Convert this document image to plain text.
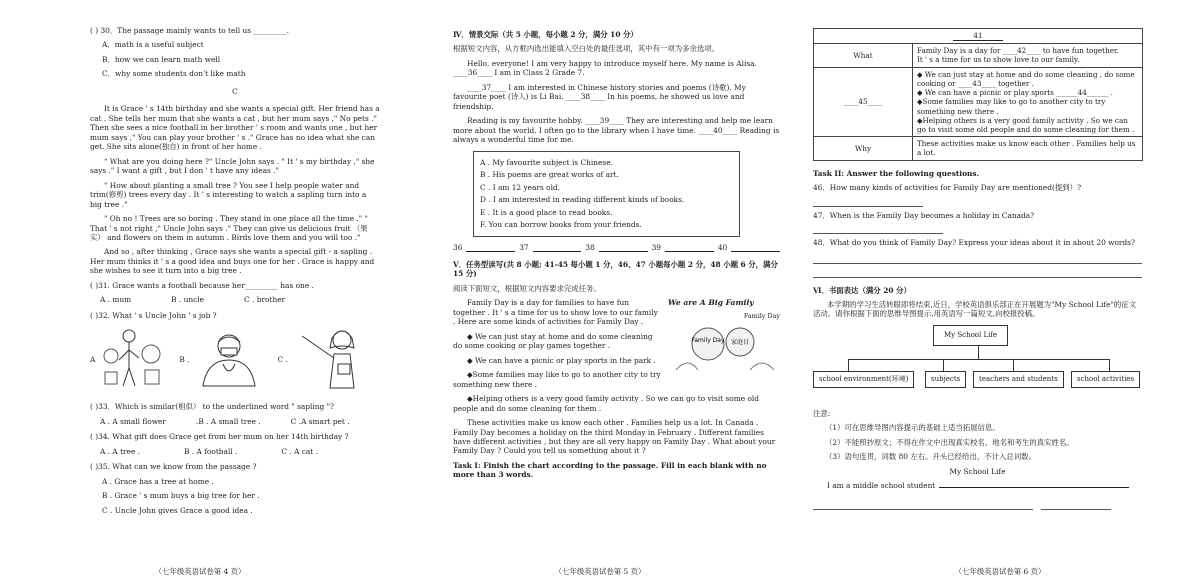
( ) 30．The passage mainly wants to tell us _________.

A．math is a useful subject

B．how we can learn math well

C．why some students don't like math

C

It is Grace ' s 14th birthday and she wants a special gift. Her friend has a cat . She tells her mum that she wants a cat , but her mum says ," No pets ." Then she sees a nice football in her brother ' s room and wants one , but her mum says ," You can play your brother ' s ." Grace has no idea what she can get. She sits alone(独自) in front of her home .

" What are you doing here ?" Uncle John says . " It ' s my birthday ," she says ." I want a gift , but I don ' t have any ideas ."

" How about planting a small tree ? You see I help people water and trim(修剪) trees every day . It ' s interesting to watch a sapling turn into a big tree ."

" Oh no ! Trees are so boring . They stand in one place all the time ." " That ' s not right ," Uncle John says ." They can give us delicious fruit （果实） and flowers on them in autumn . Birds love them and you will too ."

And so , after thinking , Grace says she wants a special gift - a sapling . Her mum thinks it ' s a good idea and buys one for her . Grace is happy and she wishes to see it turn into a big tree .

( )31. Grace wants a football because her_________ has one .

A . mum	B . uncle	C . brother

( )32. What ' s Uncle John ' s job ?

A	B .	C .

( )33．Which is similar(相似） to the underlined word " sapling "?

A . A small flower	.B . A small tree .	C .A smart pet .

( )34. What gift does Grace get from her mum on her 14th birthday ?

A . A tree .	B . A football .	C . A cat .

( )35. What can we know from the passage ?

A . Grace has a tree at home .

B . Grace ' s mum buys a big tree for her .

C . Uncle John gives Grace a good idea .

（七年级英语试卷第 4 页）

Ⅳ．情景交际（共 5 小题，每小题 2 分，满分 10 分）

根据短文内容，从方框内选出能填入空白处的最佳选项，其中有一项为多余选项。

Hello, everyone! I am very happy to introduce myself here. My name is Alisa. ____36____ I am in Class 2 Grade 7.

____37____ I am interested in Chinese history stories and poems (诗歌). My favourite poet (诗人) is Li Bai. ____38____ In his poems, he showed us love and friendship.

Reading is my favourite hobby. ____39____ They are interesting and help me learn more about the world. I often go to the library when I have time. ____40____ Reading is always a wonderful time for me.

A . My favourite subject is Chinese.
B . His poems are great works of art.
C . I am 12 years old.
D . I am interested in reading different kinds of books.
E . It is a good place to read books.
F. You can borrow books from your friends.
36	37	38	39	40

Ⅴ．任务型读写(共 8 小题; 41-45 每小题 1 分，46、47 小题每小题 2 分，48 小题 6 分，满分 15 分)

阅读下面短文，根据短文内容要求完成任务。

We are A Big Family
Family Day
Family Day 家庭日

Family Day is a day for families to have fun together . It ' s a time for us to show love to our family . Here are some kinds of activities for Family Day .

◆ We can just stay at home and do some cleaning do some cooking or play games together .

◆ We can have a picnic or play sports in the park .

◆Some families may like to go to another city to try something new there .

◆Helping others is a very good family activity . So we can go to visit some old people and do some cleaning for them .

These activities make us know each other . Families help us a lot. In Canada , Family Day becomes a holiday on the third Monday in February . Different families have different activities , but they are all very happy on Family Day . What about your Family Day ? Could you tell us something about it ?

Task I: Finish the chart according to the passage. Fill in each blank with no more than 3 words.

（七年级英语试卷第 5 页）
41	
What	Family Day is a day for ____42____ to have fun together.
It ' s a time for us to show love to our family.

____45____	◆ We can just stay at home and do some cleaning , do some cooking or ____43____ together .
◆ We can have a picnic or play sports ______44______ .
◆Some families may like to go to another city to try something new there .
◆Helping others is a very good family activity . So we can go to visit some old people and do some cleaning for them .

Why	These activities make us know each other . Families help us a lot.

Task II: Answer the following questions.

46．How many kinds of activities for Family Day are mentioned(提到）?

47．When is the Family Day becomes a holiday in Canada?

48．What do you think of Family Day? Express your ideas about it in about 20 words?

Ⅵ．书面表达（满分 20 分）

本学期的学习生活转眼即将结束,近日，学校英语俱乐部正在开展题为"My School Life"的征文活动。请你根据下面的思维导图提示,用英语写一篇短文,向校报投稿。

My School Life
school environment(环境)	subjects	teachers and students	school activities

注意:

（1）可在思维导图内容提示的基础上适当拓展信息。

（2）不能照抄原文；不得在作文中出现真实校名、地名和考生的真实姓名。

（3）语句连贯，词数 80 左右。开头已经给出，不计入总词数。

My School Life

I am a middle school student

（七年级英语试卷第 6 页）
